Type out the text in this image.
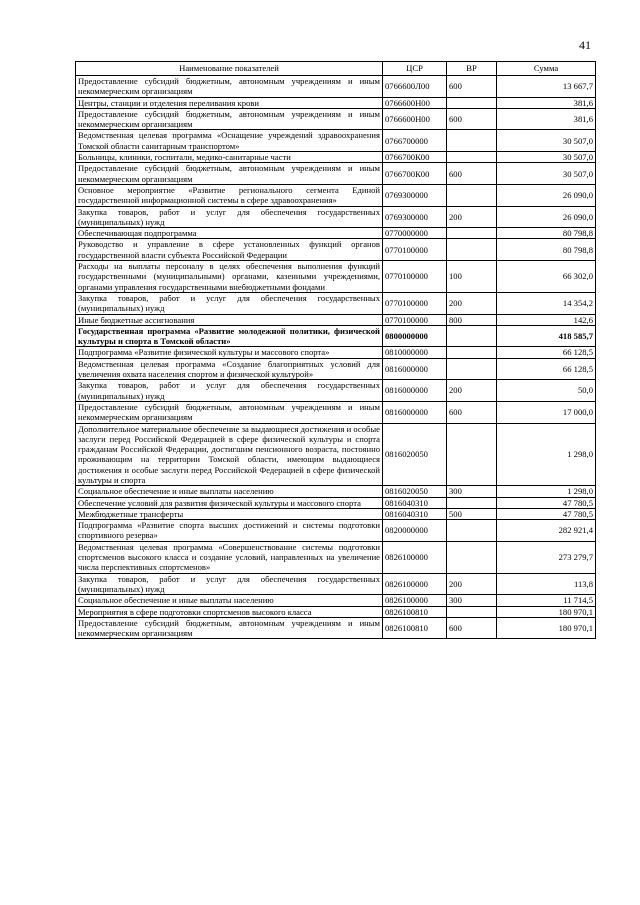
41
Наименование показателей	ЦСР	ВР	Сумма
Предоставление субсидий бюджетным, автономным учреждениям и иным некоммерческим организациям	0766600Л00	600	13 667,7
Центры, станции и отделения переливания крови	0766600Н00		381,6
Предоставление субсидий бюджетным, автономным учреждениям и иным некоммерческим организациям	0766600Н00	600	381,6
Ведомственная целевая программа «Оснащение учреждений здравоохранения Томской области санитарным транспортом»	0766700000		30 507,0
Больницы, клиники, госпитали, медико-санитарные части	0766700К00		30 507,0
Предоставление субсидий бюджетным, автономным учреждениям и иным некоммерческим организациям	0766700К00	600	30 507,0
Основное мероприятие «Развитие регионального сегмента Единой государственной информационной системы в сфере здравоохранения»	0769300000		26 090,0
Закупка товаров, работ и услуг для обеспечения государственных (муниципальных) нужд	0769300000	200	26 090,0
Обеспечивающая подпрограмма	0770000000		80 798,8
Руководство и управление в сфере установленных функций органов государственной власти субъекта Российской Федерации	0770100000		80 798,8
Расходы на выплаты персоналу в целях обеспечения выполнения функций государственными (муниципальными) органами, казенными учреждениями, органами управления государственными внебюджетными фондами	0770100000	100	66 302,0
Закупка товаров, работ и услуг для обеспечения государственных (муниципальных) нужд	0770100000	200	14 354,2
Иные бюджетные ассигнования	0770100000	800	142,6
Государственная программа «Развитие молодежной политики, физической культуры и спорта в Томской области»	0800000000		418 585,7
Подпрограмма «Развитие физической культуры и массового спорта»	0810000000		66 128,5
Ведомственная целевая программа «Создание благоприятных условий для увеличения охвата населения спортом и физической культурой»	0816000000		66 128,5
Закупка товаров, работ и услуг для обеспечения государственных (муниципальных) нужд	0816000000	200	50,0
Предоставление субсидий бюджетным, автономным учреждениям и иным некоммерческим организациям	0816000000	600	17 000,0
Дополнительное материальное обеспечение за выдающиеся достижения и особые заслуги перед Российской Федерацией в сфере физической культуры и спорта гражданам Российской Федерации, достигшим пенсионного возраста, постоянно проживающим на территории Томской области, имеющим выдающиеся достижения и особые заслуги перед Российской Федерацией в сфере физической культуры и спорта	0816020050		1 298,0
Социальное обеспечение и иные выплаты населению	0816020050	300	1 298,0
Обеспечение условий для развития физической культуры и массового спорта	0816040310		47 780,5
Межбюджетные трансферты	0816040310	500	47 780,5
Подпрограмма «Развитие спорта высших достижений и системы подготовки спортивного резерва»	0820000000		282 921,4
Ведомственная целевая программа «Совершенствование системы подготовки спортсменов высокого класса и создание условий, направленных на увеличение числа перспективных спортсменов»	0826100000		273 279,7
Закупка товаров, работ и услуг для обеспечения государственных (муниципальных) нужд	0826100000	200	113,8
Социальное обеспечение и иные выплаты населению	0826100000	300	11 714,5
Мероприятия в сфере подготовки спортсменов высокого класса	0826100810		180 970,1
Предоставление субсидий бюджетным, автономным учреждениям и иным некоммерческим организациям	0826100810	600	180 970,1
